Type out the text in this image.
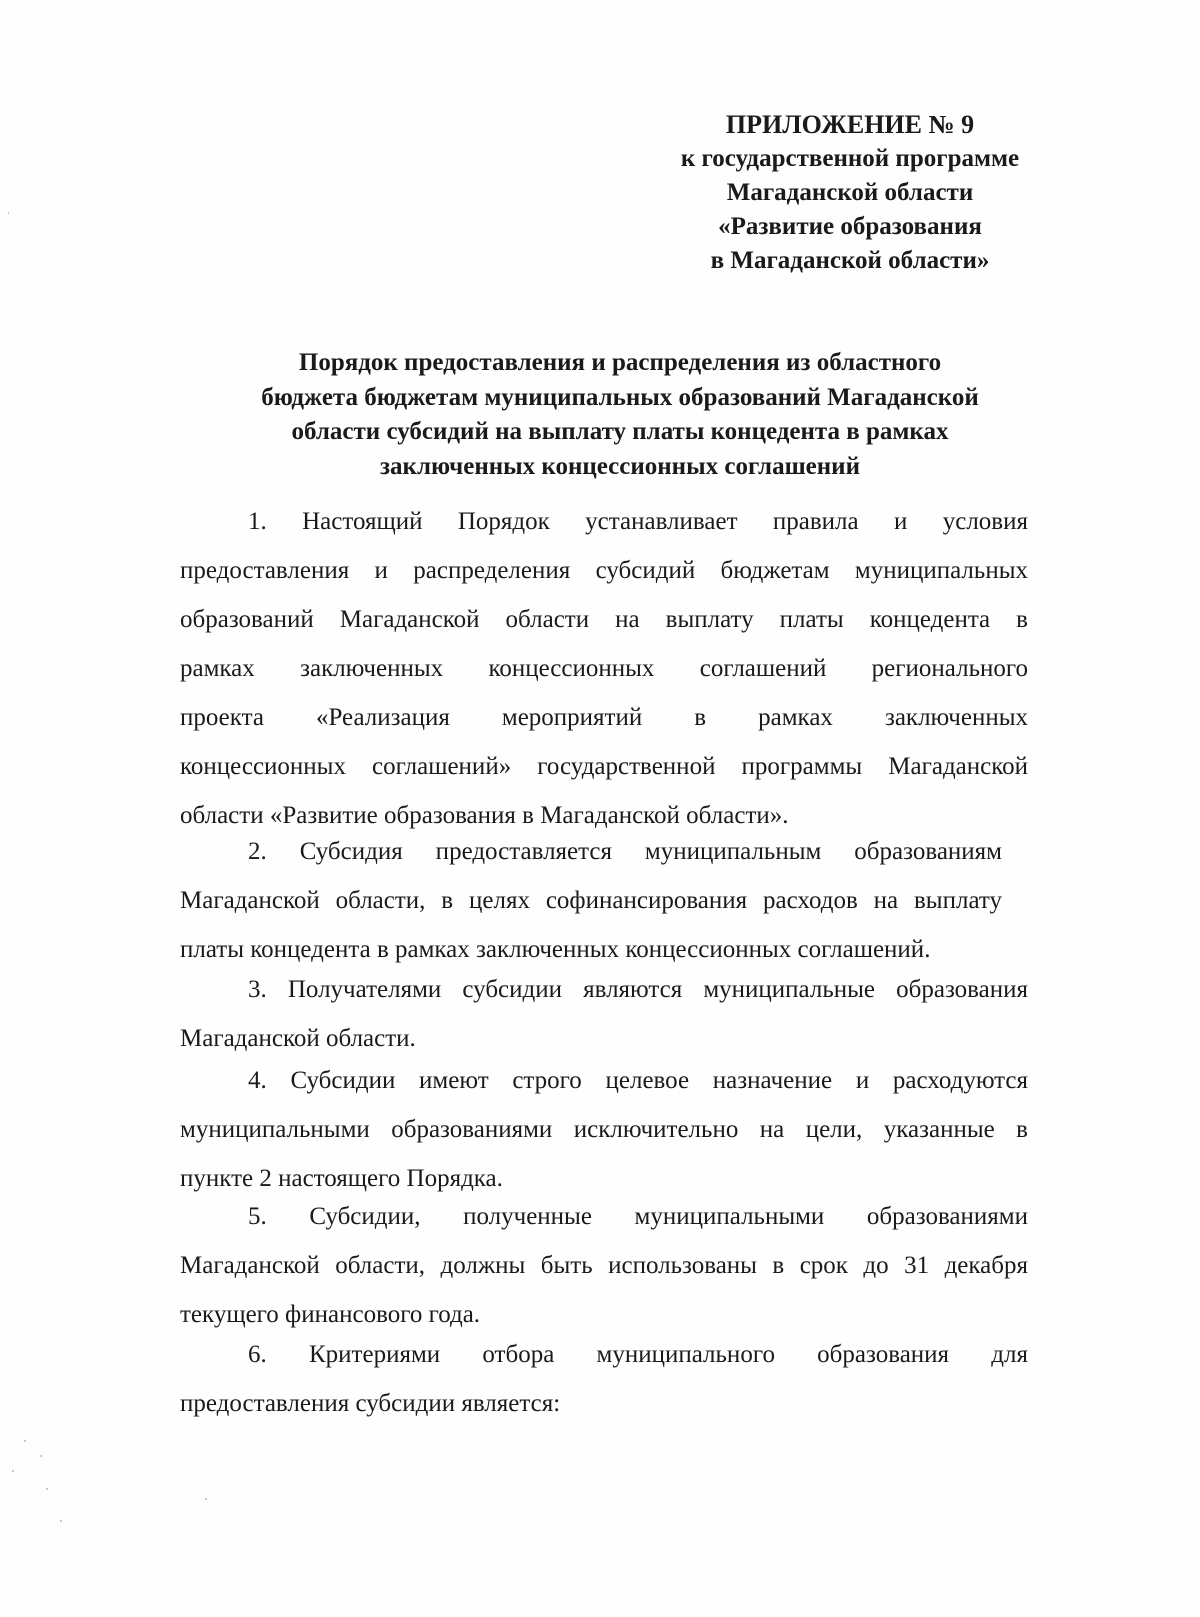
ПРИЛОЖЕНИЕ № 9
к государственной программе
Магаданской области
«Развитие образования
в Магаданской области»
Порядок предоставления и распределения из областного
бюджета бюджетам муниципальных образований Магаданской
области субсидий на выплату платы концедента в рамках
заключенных концессионных соглашений
1. Настоящий Порядок устанавливает правила и условия
предоставления и распределения субсидий бюджетам муниципальных
образований Магаданской области на выплату платы концедента в
рамках заключенных концессионных соглашений регионального
проекта «Реализация мероприятий в рамках заключенных
концессионных соглашений» государственной программы Магаданской
области «Развитие образования в Магаданской области».
2. Субсидия предоставляется муниципальным образованиям
Магаданской области, в целях софинансирования расходов на выплату
платы концедента в рамках заключенных концессионных соглашений.
3. Получателями субсидии являются муниципальные образования
Магаданской области.
4. Субсидии имеют строго целевое назначение и расходуются
муниципальными образованиями исключительно на цели, указанные в
пункте 2 настоящего Порядка.
5. Субсидии, полученные муниципальными образованиями
Магаданской области, должны быть использованы в срок до 31 декабря
текущего финансового года.
6. Критериями отбора муниципального образования для
предоставления субсидии является:
